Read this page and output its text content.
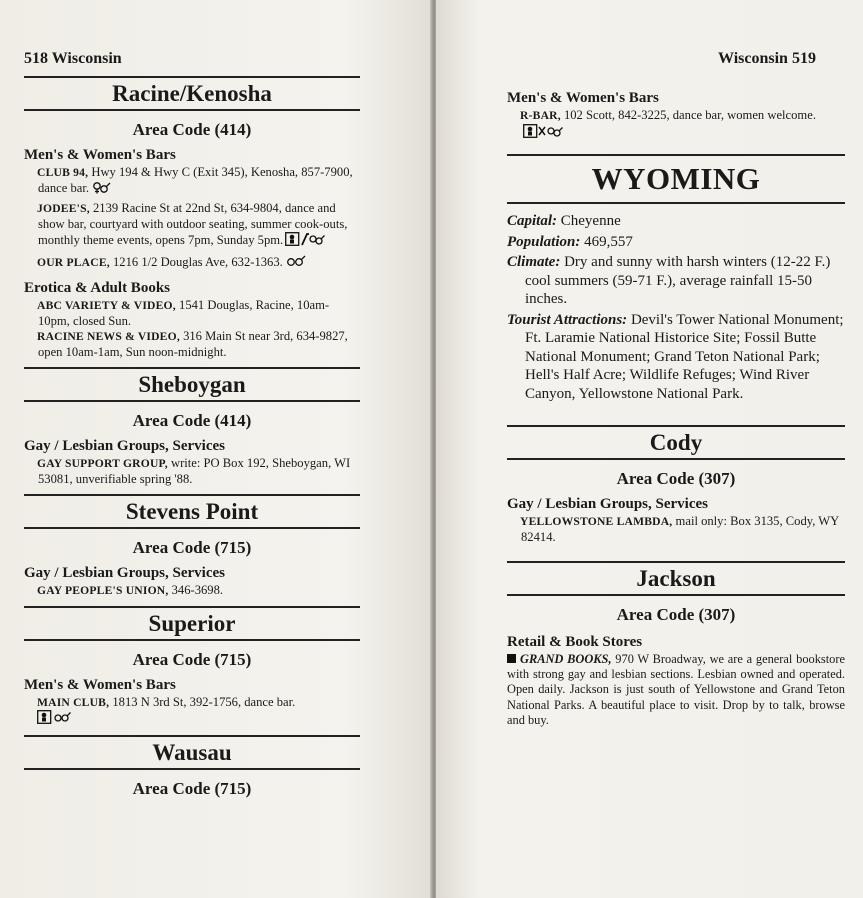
518 Wisconsin
Racine/Kenosha
Area Code (414)
Men's & Women's Bars
CLUB 94, Hwy 194 & Hwy C (Exit 345), Kenosha, 857-7900, dance bar.
JODEE'S, 2139 Racine St at 22nd St, 634-9804, dance and show bar, courtyard with outdoor seating, summer cook-outs, monthly theme events, opens 7pm, Sunday 5pm.
OUR PLACE, 1216 1/2 Douglas Ave, 632-1363.
Erotica & Adult Books
ABC VARIETY & VIDEO, 1541 Douglas, Racine, 10am-10pm, closed Sun.
RACINE NEWS & VIDEO, 316 Main St near 3rd, 634-9827, open 10am-1am, Sun noon-midnight.
Sheboygan
Area Code (414)
Gay / Lesbian Groups, Services
GAY SUPPORT GROUP, write: PO Box 192, Sheboygan, WI 53081, unverifiable spring '88.
Stevens Point
Area Code (715)
Gay / Lesbian Groups, Services
GAY PEOPLE'S UNION, 346-3698.
Superior
Area Code (715)
Men's & Women's Bars
MAIN CLUB, 1813 N 3rd St, 392-1756, dance bar.

Wausau
Area Code (715)
Wisconsin 519
Men's & Women's Bars
R-BAR, 102 Scott, 842-3225, dance bar, women welcome.
WYOMING
Capital: Cheyenne
Population: 469,557
Climate: Dry and sunny with harsh winters (12-22 F.) cool summers (59-71 F.), average rainfall 15-50 inches.
Tourist Attractions: Devil's Tower National Monument; Ft. Laramie National Historice Site; Fossil Butte National Monument; Grand Teton National Park; Hell's Half Acre; Wildlife Refuges; Wind River Canyon, Yellowstone National Park.
Cody
Area Code (307)
Gay / Lesbian Groups, Services
YELLOWSTONE LAMBDA, mail only: Box 3135, Cody, WY 82414.
Jackson
Area Code (307)
Retail & Book Stores
GRAND BOOKS, 970 W Broadway, we are a general bookstore with strong gay and lesbian sections. Lesbian owned and operated. Open daily. Jackson is just south of Yellowstone and Grand Teton National Parks. A beautiful place to visit. Drop by to talk, browse and buy.
